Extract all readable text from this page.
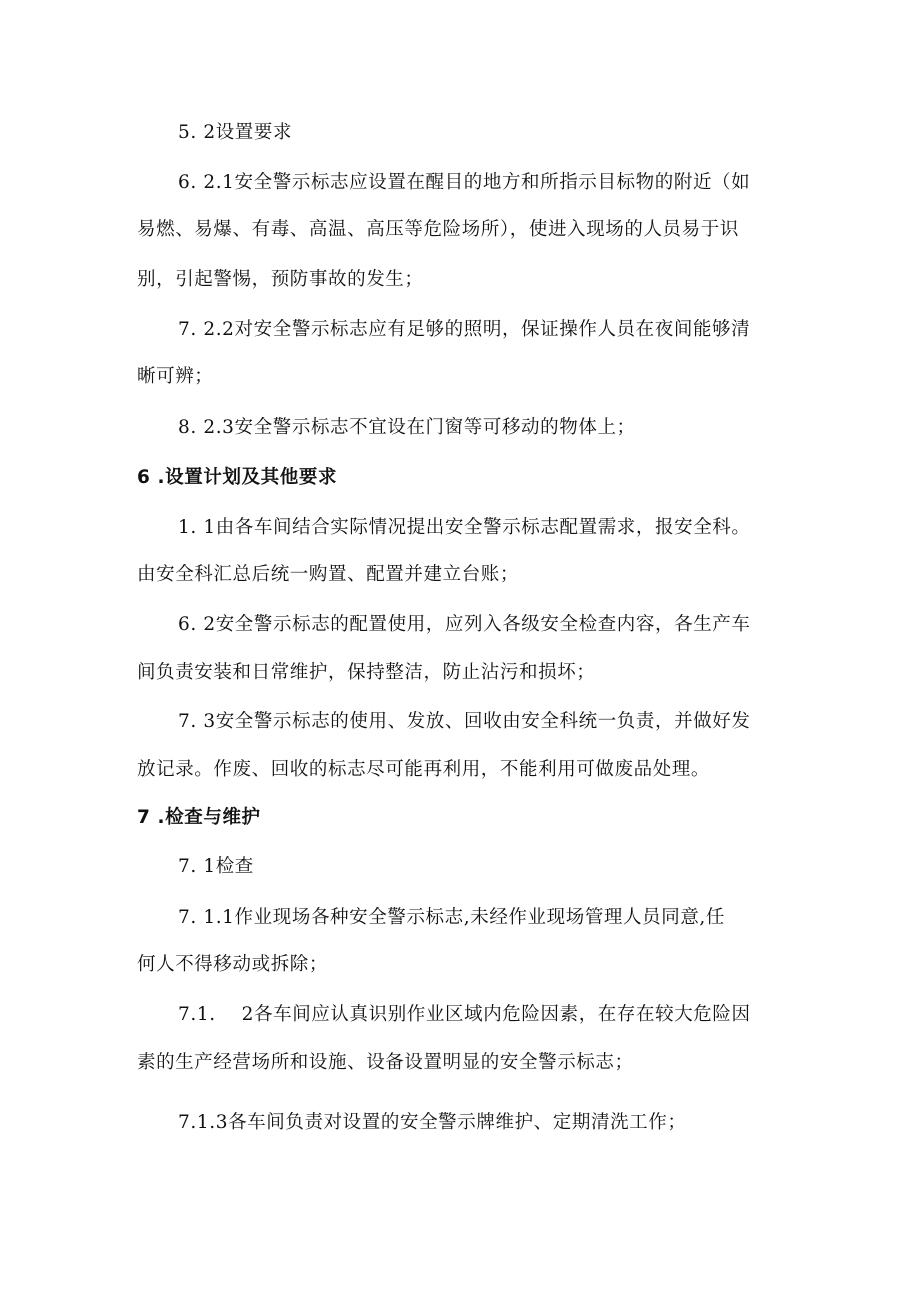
5. 2设置要求
6. 2.1安全警示标志应设置在醒目的地方和所指示目标物的附近（如
易燃、易爆、有毒、高温、高压等危险场所），使进入现场的人员易于识
别，引起警惕，预防事故的发生；
7. 2.2对安全警示标志应有足够的照明，保证操作人员在夜间能够清
晰可辨；
8. 2.3安全警示标志不宜设在门窗等可移动的物体上；
6 .设置计划及其他要求
1. 1由各车间结合实际情况提出安全警示标志配置需求，报安全科。
由安全科汇总后统一购置、配置并建立台账；
6. 2安全警示标志的配置使用，应列入各级安全检查内容，各生产车
间负责安装和日常维护，保持整洁，防止沾污和损坏；
7. 3安全警示标志的使用、发放、回收由安全科统一负责，并做好发
放记录。作废、回收的标志尽可能再利用，不能利用可做废品处理。
7 .检查与维护
7. 1检查
7. 1.1作业现场各种安全警示标志,未经作业现场管理人员同意,任
何人不得移动或拆除；
7.1.    2各车间应认真识别作业区域内危险因素，在存在较大危险因
素的生产经营场所和设施、设备设置明显的安全警示标志；
7.1.3各车间负责对设置的安全警示牌维护、定期清洗工作；
